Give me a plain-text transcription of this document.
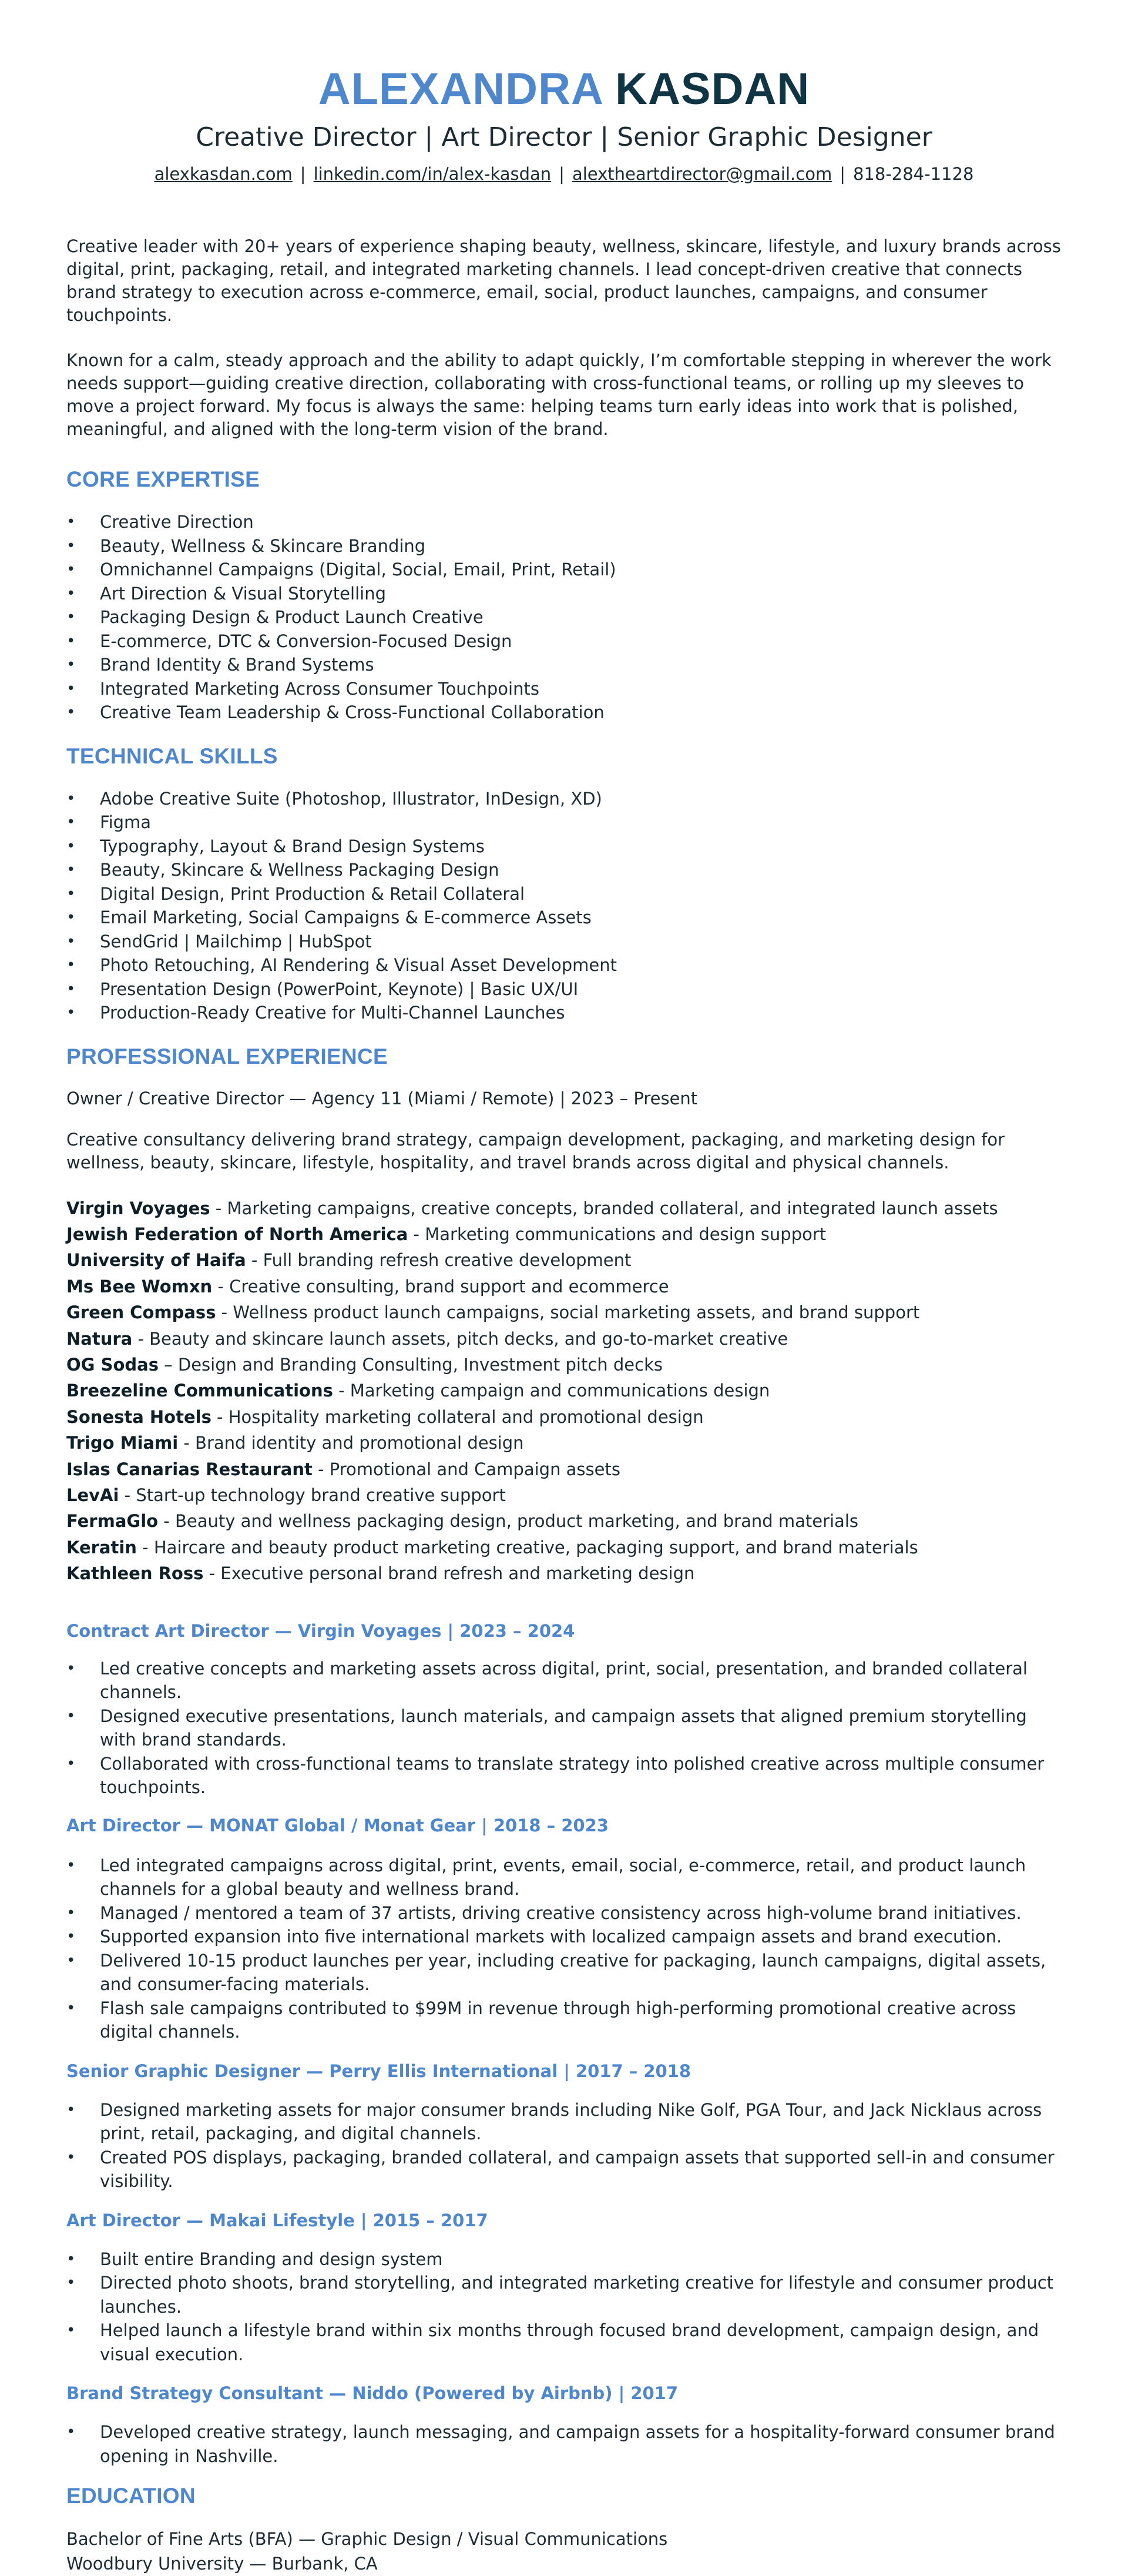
ALEXANDRA KASDAN
Creative Director | Art Director | Senior Graphic Designer
alexkasdan.com | linkedin.com/in/alex-kasdan | alextheartdirector@gmail.com | 818-284-1128

Creative leader with 20+ years of experience shaping beauty, wellness, skincare, lifestyle, and luxury brands across digital, print, packaging, retail, and integrated marketing channels. I lead concept-driven creative that connects brand strategy to execution across e-commerce, email, social, product launches, campaigns, and consumer touchpoints.

Known for a calm, steady approach and the ability to adapt quickly, I’m comfortable stepping in wherever the work needs support—guiding creative direction, collaborating with cross-functional teams, or rolling up my sleeves to move a project forward. My focus is always the same: helping teams turn early ideas into work that is polished, meaningful, and aligned with the long-term vision of the brand.

CORE EXPERTISE
• Creative Direction
• Beauty, Wellness & Skincare Branding
• Omnichannel Campaigns (Digital, Social, Email, Print, Retail)
• Art Direction & Visual Storytelling
• Packaging Design & Product Launch Creative
• E-commerce, DTC & Conversion-Focused Design
• Brand Identity & Brand Systems
• Integrated Marketing Across Consumer Touchpoints
• Creative Team Leadership & Cross-Functional Collaboration
TECHNICAL SKILLS
• Adobe Creative Suite (Photoshop, Illustrator, InDesign, XD)
• Figma
• Typography, Layout & Brand Design Systems
• Beauty, Skincare & Wellness Packaging Design
• Digital Design, Print Production & Retail Collateral
• Email Marketing, Social Campaigns & E-commerce Assets
• SendGrid | Mailchimp | HubSpot
• Photo Retouching, AI Rendering & Visual Asset Development
• Presentation Design (PowerPoint, Keynote) | Basic UX/UI
• Production-Ready Creative for Multi-Channel Launches
PROFESSIONAL EXPERIENCE

Owner / Creative Director — Agency 11 (Miami / Remote) | 2023 – Present

Creative consultancy delivering brand strategy, campaign development, packaging, and marketing design for wellness, beauty, skincare, lifestyle, hospitality, and travel brands across digital and physical channels.

Virgin Voyages - Marketing campaigns, creative concepts, branded collateral, and integrated launch assets

Jewish Federation of North America - Marketing communications and design support

University of Haifa - Full branding refresh creative development

Ms Bee Womxn - Creative consulting, brand support and ecommerce

Green Compass - Wellness product launch campaigns, social marketing assets, and brand support

Natura - Beauty and skincare launch assets, pitch decks, and go-to-market creative

OG Sodas – Design and Branding Consulting, Investment pitch decks

Breezeline Communications - Marketing campaign and communications design

Sonesta Hotels - Hospitality marketing collateral and promotional design

Trigo Miami - Brand identity and promotional design

Islas Canarias Restaurant - Promotional and Campaign assets

LevAi - Start-up technology brand creative support

FermaGlo - Beauty and wellness packaging design, product marketing, and brand materials

Keratin - Haircare and beauty product marketing creative, packaging support, and brand materials

Kathleen Ross - Executive personal brand refresh and marketing design

Contract Art Director — Virgin Voyages | 2023 – 2024
• Led creative concepts and marketing assets across digital, print, social, presentation, and branded collateral channels.
• Designed executive presentations, launch materials, and campaign assets that aligned premium storytelling with brand standards.
• Collaborated with cross-functional teams to translate strategy into polished creative across multiple consumer touchpoints.
Art Director — MONAT Global / Monat Gear | 2018 – 2023
• Led integrated campaigns across digital, print, events, email, social, e-commerce, retail, and product launch channels for a global beauty and wellness brand.
• Managed / mentored a team of 37 artists, driving creative consistency across high-volume brand initiatives.
• Supported expansion into five international markets with localized campaign assets and brand execution.
• Delivered 10-15 product launches per year, including creative for packaging, launch campaigns, digital assets, and consumer-facing materials.
• Flash sale campaigns contributed to $99M in revenue through high-performing promotional creative across digital channels.
Senior Graphic Designer — Perry Ellis International | 2017 – 2018
• Designed marketing assets for major consumer brands including Nike Golf, PGA Tour, and Jack Nicklaus across print, retail, packaging, and digital channels.
• Created POS displays, packaging, branded collateral, and campaign assets that supported sell-in and consumer visibility.
Art Director — Makai Lifestyle | 2015 – 2017
• Built entire Branding and design system
• Directed photo shoots, brand storytelling, and integrated marketing creative for lifestyle and consumer product launches.
• Helped launch a lifestyle brand within six months through focused brand development, campaign design, and visual execution.
Brand Strategy Consultant — Niddo (Powered by Airbnb) | 2017
• Developed creative strategy, launch messaging, and campaign assets for a hospitality-forward consumer brand opening in Nashville.
EDUCATION

Bachelor of Fine Arts (BFA) — Graphic Design / Visual Communications

Woodbury University — Burbank, CA
